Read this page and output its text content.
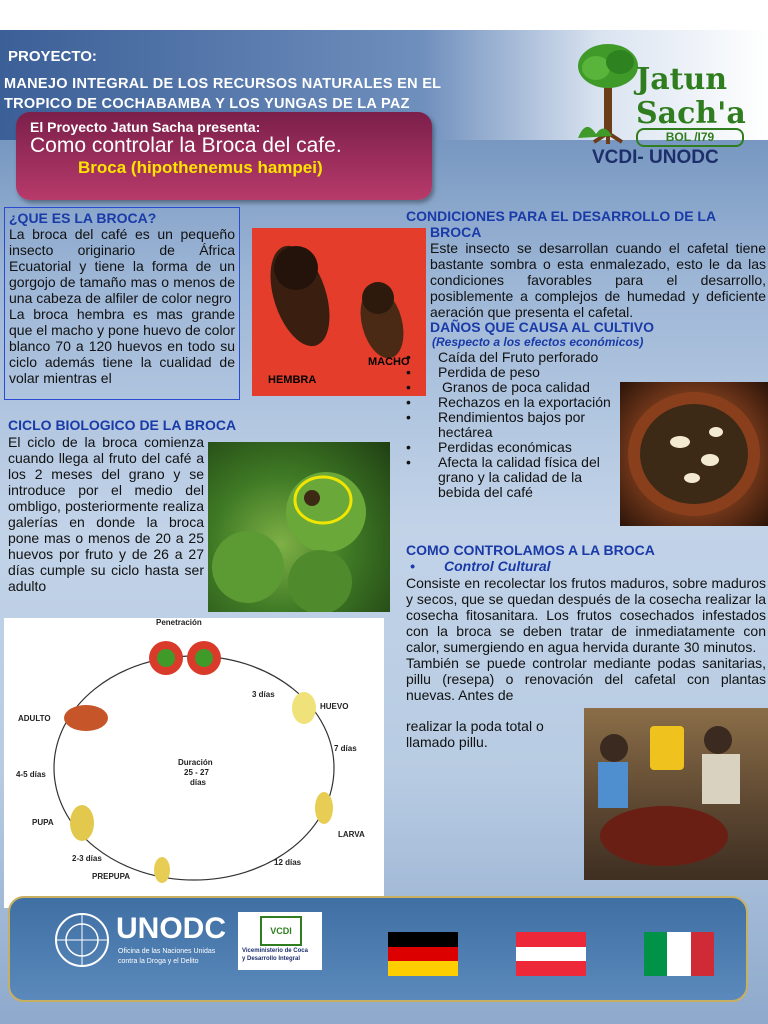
PROYECTO:
MANEJO INTEGRAL DE LOS RECURSOS NATURALES EN EL
TROPICO DE COCHABAMBA Y LOS YUNGAS DE LA PAZ
Jatun
Sach'a
BOL /I79
VCDI- UNODC
El Proyecto Jatun Sacha presenta:
Como controlar la Broca del cafe.
Broca (hipothenemus hampei)
¿QUE ES LA BROCA?

La broca del café es un pequeño insecto originario de África Ecuatorial y tiene la forma de un gorgojo de tamaño mas o menos de una cabeza de alfiler de color negro

La broca hembra es mas grande que el macho y pone huevo de color blanco 70 a 120 huevos en todo su ciclo además tiene la cualidad de volar mientras el	HEMBRA
MACHO
CICLO BIOLOGICO DE LA BROCA
El ciclo de la broca comienza cuando llega al fruto del café a los 2 meses del grano y se introduce por el medio del ombligo, posteriormente realiza galerías en donde la broca pone mas o menos de 20 a 25 huevos por fruto y de 26 a 27 días cumple su ciclo hasta ser adulto
Penetración
3 días
HUEVO
7 días
LARVA
12 días
PREPUPA
2-3 días
PUPA
4-5 días
ADULTO
Duración
25 - 27
días
CONDICIONES PARA EL DESARROLLO DE LA
BROCA
Este insecto se desarrollan cuando el cafetal tiene bastante sombra o esta enmalezado, esto le da las condiciones favorables para el desarrollo, posiblemente a complejos de humedad y deficiente aeración que presenta el cafetal.
DAÑOS QUE CAUSA AL CULTIVO
(Respecto a los efectos económicos)
• Caída del Fruto perforado
• Perdida de peso
• Granos de poca calidad
• Rechazos en la exportación
• Rendimientos bajos por hectárea
• Perdidas económicas
• Afecta la calidad física del grano y la calidad de la bebida del café
COMO CONTROLAMOS A LA BROCA
• Control Cultural
Consiste en recolectar los frutos maduros, sobre maduros y secos, que se quedan después de la cosecha realizar la cosecha fitosanitara. Los frutos cosechados infestados con la broca se deben tratar de inmediatamente con calor, sumergiendo en agua hervida durante 30 minutos.
También se puede controlar mediante podas sanitarias, pillu (resepa) o renovación del cafetal con plantas nuevas. Antes de
realizar la poda total o
llamado pillu.
UNODC
Oficina de las Naciones Unidas
contra la Droga y el Delito
VCDI
Viceministerio de Coca
y Desarrollo Integral
